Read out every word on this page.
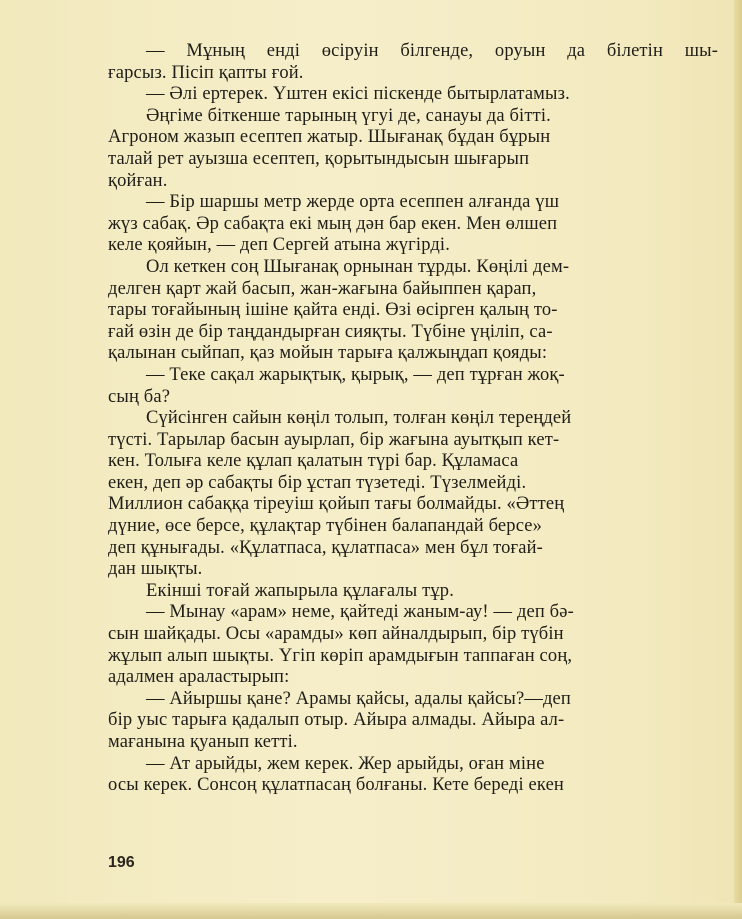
— Мұның енді өсіруін білгенде, оруын да білетін шы-
ғарсыз. Пісіп қапты ғой.
— Әлі ертерек. Үштен екісі піскенде бытырлатамыз.
Әңгіме біткенше тарының үгуі де, санауы да бітті.
Агроном жазып есептеп жатыр. Шығанақ бұдан бұрын
талай рет ауызша есептеп, қорытындысын шығарып
қойған.
— Бір шаршы метр жерде орта есеппен алғанда үш
жүз сабақ. Әр сабақта екі мың дән бар екен. Мен өлшеп
келе қояйын, — деп Сергей атына жүгірді.
Ол кеткен соң Шығанақ орнынан тұрды. Көңілі дем-
делген қарт жай басып, жан-жағына байыппен қарап,
тары тоғайының ішіне қайта енді. Өзі өсірген қалың то-
ғай өзін де бір таңдандырған сияқты. Түбіне үңіліп, са-
қалынан сыйпап, қаз мойын тарыға қалжыңдап қояды:
— Теке сақал жарықтық, қырық, — деп тұрған жоқ-
сың ба?
Сүйсінген сайын көңіл толып, толған көңіл тереңдей
түсті. Тарылар басын ауырлап, бір жағына ауытқып кет-
кен. Толыға келе құлап қалатын түрі бар. Құламаса
екен, деп әр сабақты бір ұстап түзетеді. Түзелмейді.
Миллион сабаққа тіреуіш қойып тағы болмайды. «Әттең
дүние, өсе берсе, құлақтар түбінен балапандай берсе»
деп құнығады. «Құлатпаса, құлатпаса» мен бұл тоғай-
дан шықты.
Екінші тоғай жапырыла құлағалы тұр.
— Мынау «арам» неме, қайтеді жаным-ау! — деп бә-
сын шайқады. Осы «арамды» көп айналдырып, бір түбін
жұлып алып шықты. Үгіп көріп арамдығын таппаған соң,
адалмен араластырып:
— Айыршы қане? Арамы қайсы, адалы қайсы?—деп
бір уыс тарыға қадалып отыр. Айыра алмады. Айыра ал-
мағанына қуанып кетті.
— Ат арыйды, жем керек. Жер арыйды, оған міне
осы керек. Сонсоң құлатпасаң болғаны. Кете береді екен
196
